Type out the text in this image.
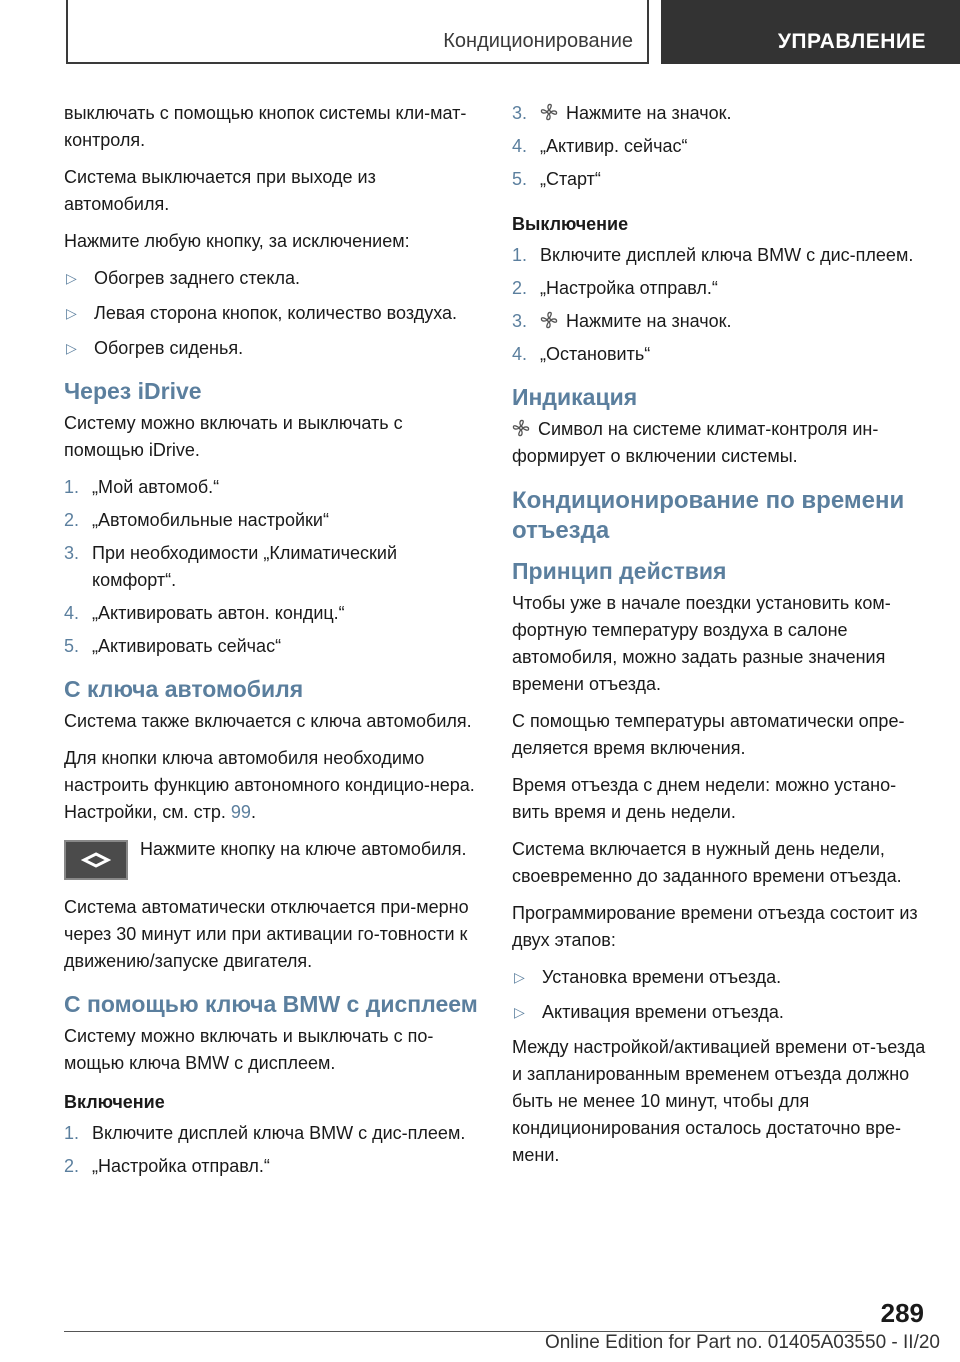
Кондиционирование	УПРАВЛЕНИЕ

выключать с помощью кнопок системы кли-мат-контроля.

Система выключается при выходе из автомобиля.

Нажмите любую кнопку, за исключением:

▷ Обогрев заднего стекла.
▷ Левая сторона кнопок, количество воздуха.
▷ Обогрев сиденья.
Через iDrive

Систему можно включать и выключать с помощью iDrive.

1. „Мой автомоб.“
2. „Автомобильные настройки“
3. При необходимости „Климатический комфорт“.
4. „Активировать автон. кондиц.“
5. „Активировать сейчас“
С ключа автомобиля

Система также включается с ключа автомобиля.

Для кнопки ключа автомобиля необходимо настроить функцию автономного кондицио-нера. Настройки, см. стр. 99.

Нажмите кнопку на ключе автомобиля.

Система автоматически отключается при-мерно через 30 минут или при активации го-товности к движению/запуске двигателя.

С помощью ключа BMW с дисплеем

Систему можно включать и выключать с по-мощью ключа BMW с дисплеем.

Включение
1. Включите дисплей ключа BMW с дис-плеем.
2. „Настройка отправл.“
3.	Нажмите на значок.
4. „Активир. сейчас“
5. „Старт“
Выключение
1. Включите дисплей ключа BMW с дис-плеем.
2. „Настройка отправл.“
3.	Нажмите на значок.
4. „Остановить“
Индикация

Символ на системе климат-контроля ин-формирует о включении системы.

Кондиционирование по времени отъезда
Принцип действия

Чтобы уже в начале поездки установить ком-фортную температуру воздуха в салоне автомобиля, можно задать разные значения времени отъезда.

С помощью температуры автоматически опре-деляется время включения.

Время отъезда с днем недели: можно устано-вить время и день недели.

Система включается в нужный день недели, своевременно до заданного времени отъезда.

Программирование времени отъезда состоит из двух этапов:

▷ Установка времени отъезда.
▷ Активация времени отъезда.

Между настройкой/активацией времени от-ъезда и запланированным временем отъезда должно быть не менее 10 минут, чтобы для кондиционирования осталось достаточно вре-мени.

289
Online Edition for Part no. 01405A03550 - II/20
